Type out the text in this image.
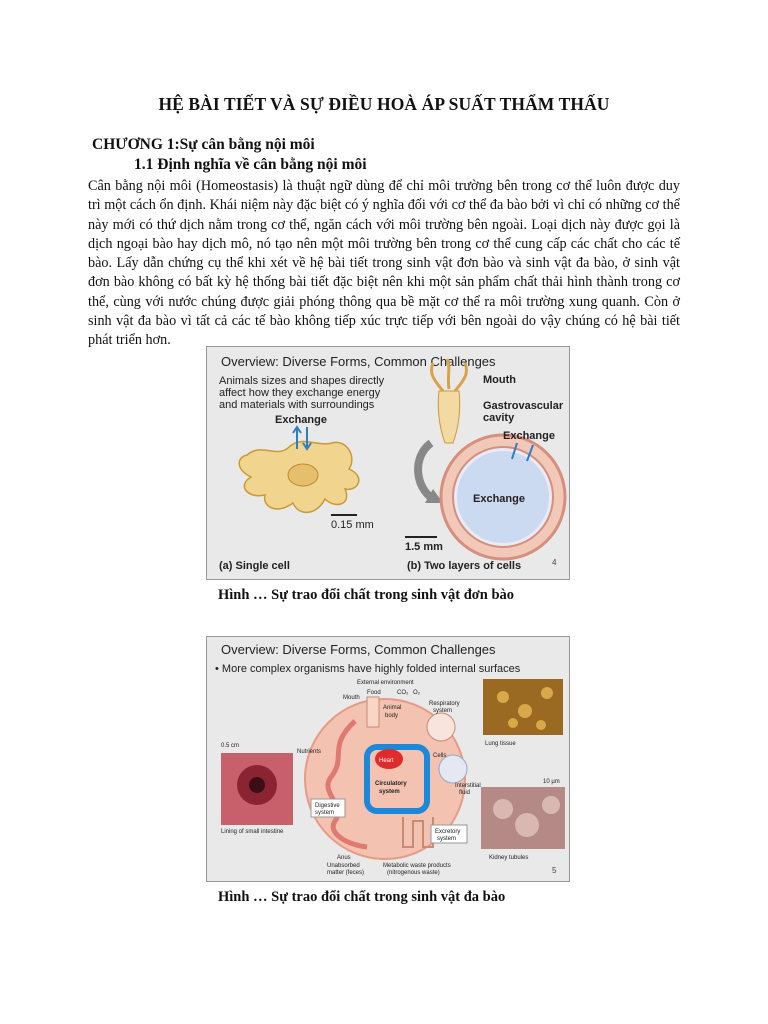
HỆ BÀI TIẾT VÀ SỰ ĐIỀU HOÀ ÁP SUẤT THẨM THẤU
CHƯƠNG 1:Sự cân bằng nội môi
1.1 Định nghĩa về cân bằng nội môi
Cân bằng nội môi (Homeostasis) là thuật ngữ dùng để chỉ môi trường bên trong cơ thể luôn được duy trì một cách ổn định. Khái niệm này đặc biệt có ý nghĩa đối với cơ thể đa bào bởi vì chỉ có những cơ thể này mới có thứ dịch nằm trong cơ thể, ngăn cách với môi trường bên ngoài. Loại dịch này được gọi là dịch ngoại bào hay dịch mô, nó tạo nên một môi trường bên trong cơ thể cung cấp các chất cho các tế bào. Lấy dẫn chứng cụ thể khi xét về hệ bài tiết trong sinh vật đơn bào và sinh vật đa bào, ở sinh vật đơn bào không có bất kỳ hệ thống bài tiết đặc biệt nên khi một sản phẩm chất thải hình thành trong cơ thể, cùng với nước chúng được giải phóng thông qua bề mặt cơ thể ra môi trường xung quanh. Còn ở sinh vật đa bào vì tất cả các tế bào không tiếp xúc trực tiếp với bên ngoài do vậy chúng có hệ bài tiết phát triển hơn.
Overview: Diverse Forms, Common Challenges
Animals sizes and shapes directly
affect how they exchange energy
and materials with surroundings
Exchange
0.15 mm
Mouth
Gastrovascular
cavity
Exchange
Exchange
1.5 mm
(a) Single cell	(b) Two layers of cells	4
Hình … Sự trao đổi chất trong sinh vật đơn bào
Overview: Diverse Forms, Common Challenges
• More complex organisms have highly folded internal surfaces
External environment
Food	CO₂ O₂
Mouth
Animal
body
Heart
Circulatory
system
Respiratory
system
Cells
Interstitial
fluid
Nutrients
Digestive
system
Excretory
system
Anus
Unabsorbed
matter (feces)
Metabolic waste products
(nitrogenous waste)
Lung tissue
0.5 cm
Lining of small intestine
10 µm
Kidney tubules
5
Hình … Sự trao đổi chất trong sinh vật đa bào
